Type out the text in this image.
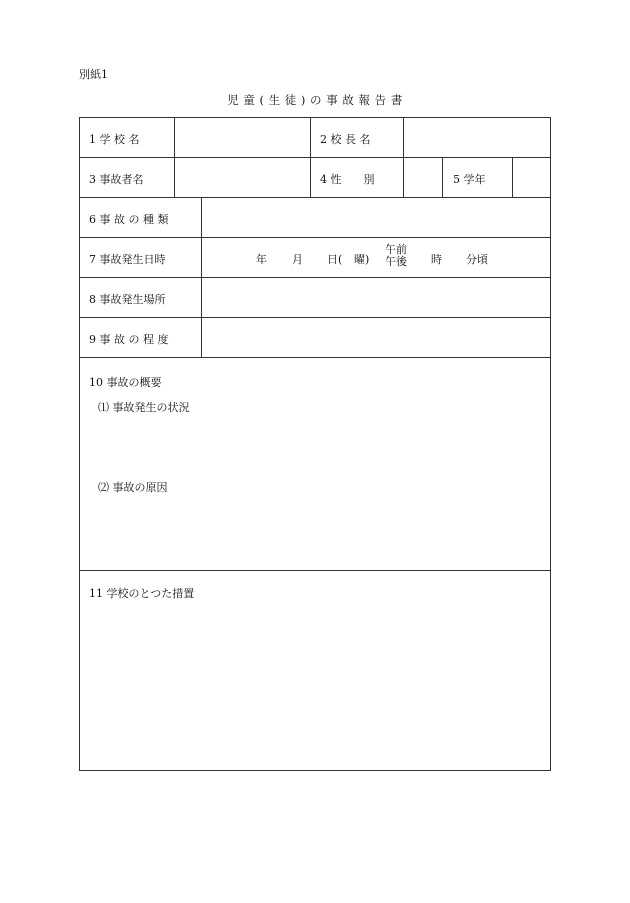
別紙1
児 童 ( 生 徒 ) の 事 故 報 告 書
1 学 校 名	2 校 長 名
3 事故者名	4 性　　別	5 学年
6 事 故 の 種 類
7 事故発生日時	年 月 日( 曜)
午前
午後 時 分頃
8 事故発生場所
9 事 故 の 程 度
10 事故の概要
⑴ 事故発生の状況
⑵ 事故の原因
11 学校のとつた措置
